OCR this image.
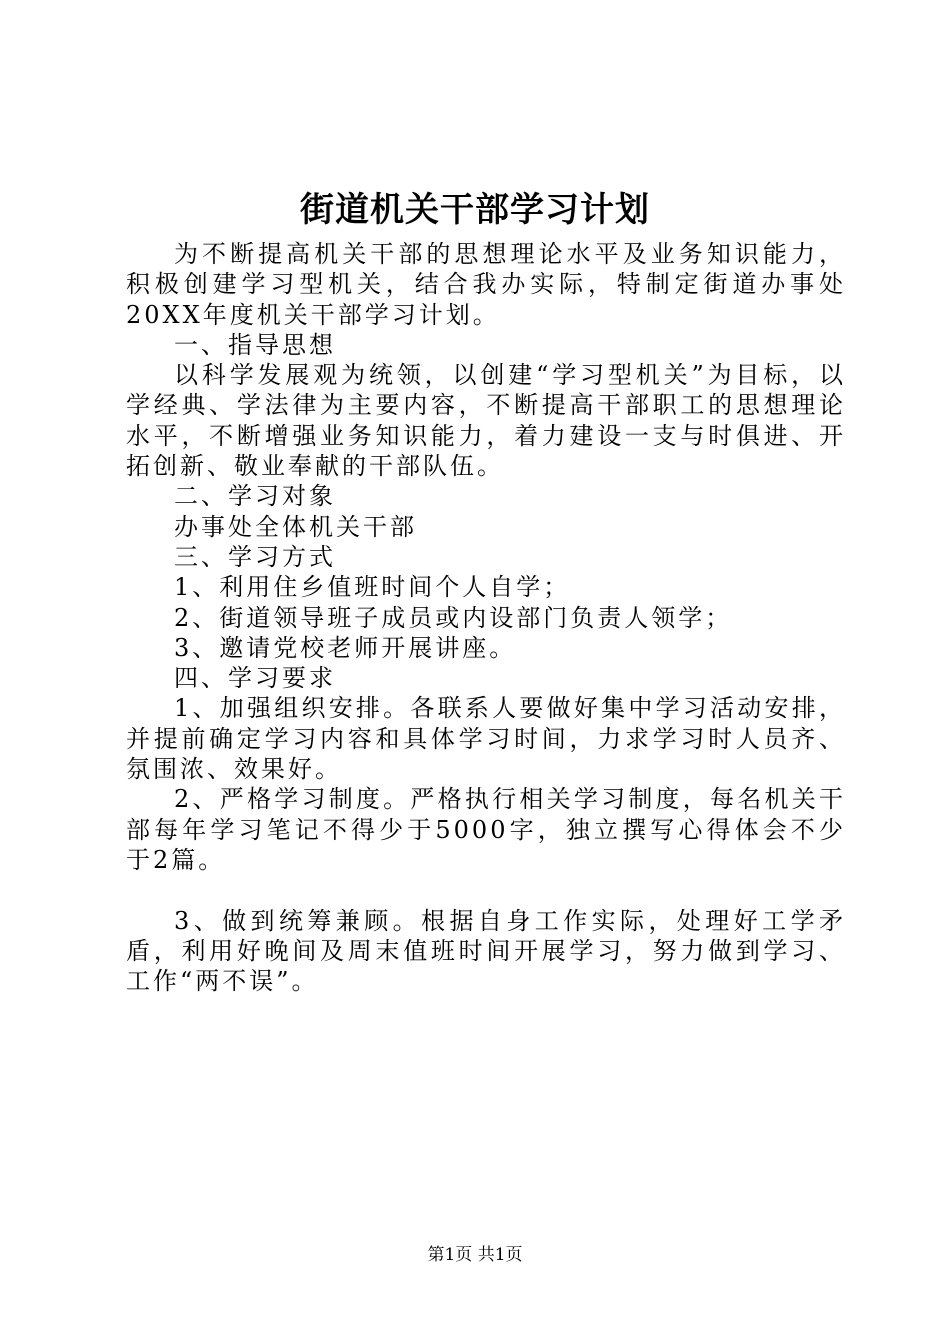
街道机关干部学习计划

为不断提高机关干部的思想理论水平及业务知识能力，积极创建学习型机关，结合我办实际，特制定街道办事处20XX年度机关干部学习计划。

一、指导思想

以科学发展观为统领，以创建“学习型机关”为目标，以学经典、学法律为主要内容，不断提高干部职工的思想理论水平，不断增强业务知识能力，着力建设一支与时俱进、开拓创新、敬业奉献的干部队伍。

二、学习对象

办事处全体机关干部

三、学习方式

1、利用住乡值班时间个人自学；

2、街道领导班子成员或内设部门负责人领学；

3、邀请党校老师开展讲座。

四、学习要求

1、加强组织安排。各联系人要做好集中学习活动安排，并提前确定学习内容和具体学习时间，力求学习时人员齐、氛围浓、效果好。

2、严格学习制度。严格执行相关学习制度，每名机关干部每年学习笔记不得少于5000字，独立撰写心得体会不少于2篇。

3、做到统筹兼顾。根据自身工作实际，处理好工学矛盾，利用好晚间及周末值班时间开展学习，努力做到学习、工作“两不误”。

第1页 共1页
